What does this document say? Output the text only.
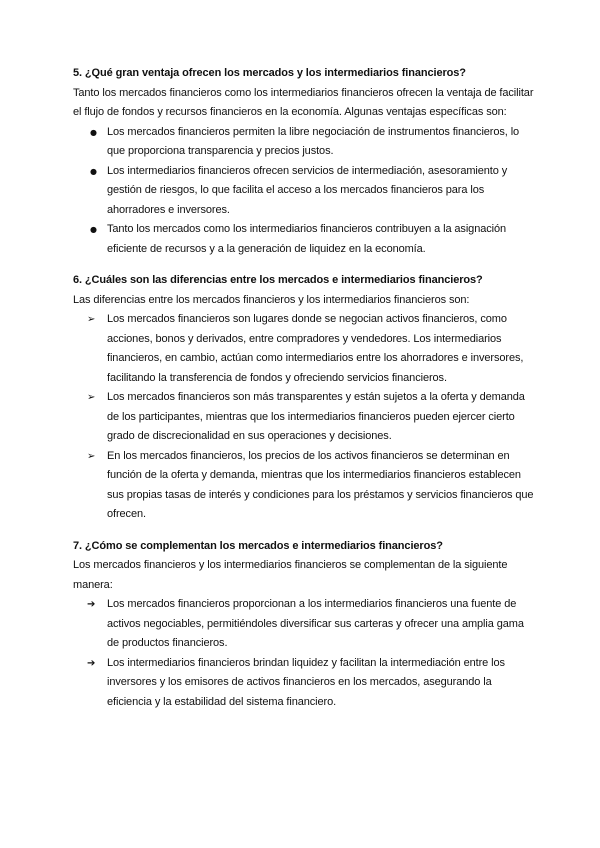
5. ¿Qué gran ventaja ofrecen los mercados y los intermediarios financieros?

Tanto los mercados financieros como los intermediarios financieros ofrecen la ventaja de facilitar el flujo de fondos y recursos financieros en la economía. Algunas ventajas específicas son:

● Los mercados financieros permiten la libre negociación de instrumentos financieros, lo que proporciona transparencia y precios justos.
● Los intermediarios financieros ofrecen servicios de intermediación, asesoramiento y gestión de riesgos, lo que facilita el acceso a los mercados financieros para los ahorradores e inversores.
● Tanto los mercados como los intermediarios financieros contribuyen a la asignación eficiente de recursos y a la generación de liquidez en la economía.

6. ¿Cuáles son las diferencias entre los mercados e intermediarios financieros?

Las diferencias entre los mercados financieros y los intermediarios financieros son:

➢	Los mercados financieros son lugares donde se negocian activos financieros, como acciones, bonos y derivados, entre compradores y vendedores. Los intermediarios financieros, en cambio, actúan como intermediarios entre los ahorradores e inversores, facilitando la transferencia de fondos y ofreciendo servicios financieros.
➢	Los mercados financieros son más transparentes y están sujetos a la oferta y demanda de los participantes, mientras que los intermediarios financieros pueden ejercer cierto grado de discrecionalidad en sus operaciones y decisiones.
➢	En los mercados financieros, los precios de los activos financieros se determinan en función de la oferta y demanda, mientras que los intermediarios financieros establecen sus propias tasas de interés y condiciones para los préstamos y servicios financieros que ofrecen.

7. ¿Cómo se complementan los mercados e intermediarios financieros?

Los mercados financieros y los intermediarios financieros se complementan de la siguiente manera:

➔	Los mercados financieros proporcionan a los intermediarios financieros una fuente de activos negociables, permitiéndoles diversificar sus carteras y ofrecer una amplia gama de productos financieros.
➔	Los intermediarios financieros brindan liquidez y facilitan la intermediación entre los inversores y los emisores de activos financieros en los mercados, asegurando la eficiencia y la estabilidad del sistema financiero.
